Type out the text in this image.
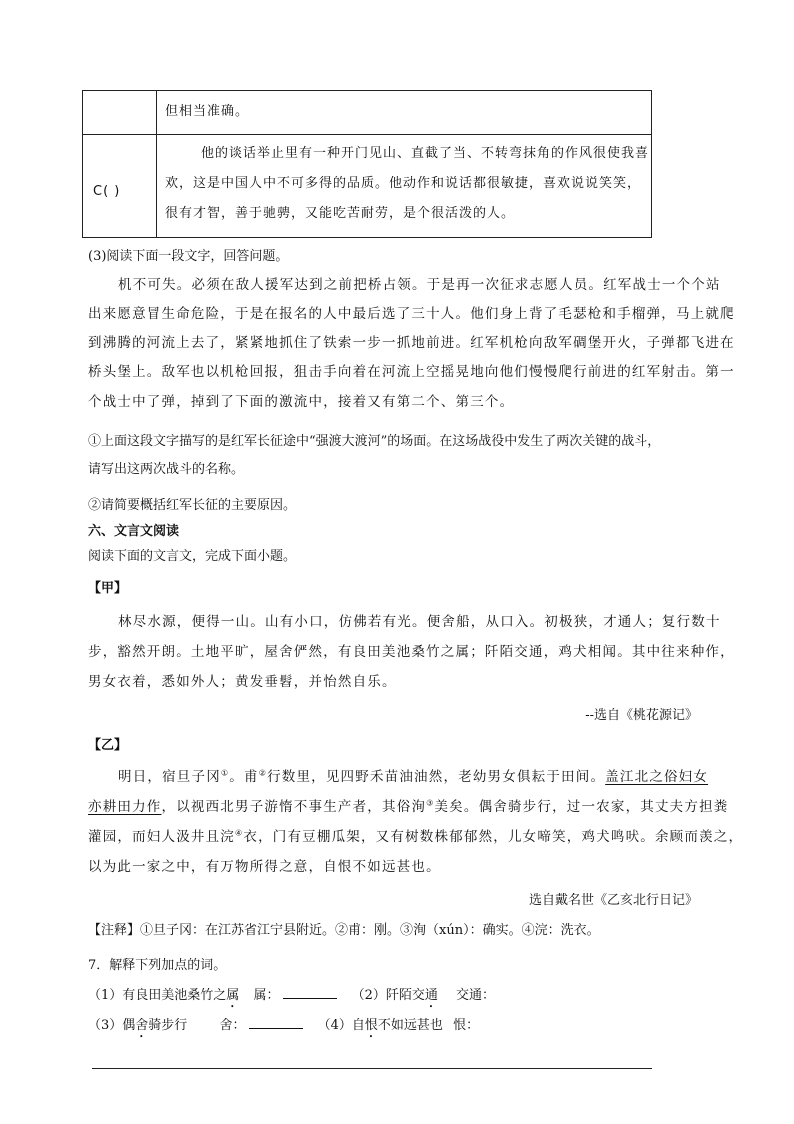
但相当准确。
C( )
他的谈话举止里有一种开门见山、直截了当、不转弯抹角的作风很使我喜
欢，这是中国人中不可多得的品质。他动作和说话都很敏捷，喜欢说说笑笑，
很有才智，善于驰骋，又能吃苦耐劳，是个很活泼的人。
(3)阅读下面一段文字，回答问题。
机不可失。必须在敌人援军达到之前把桥占领。于是再一次征求志愿人员。红军战士一个个站
出来愿意冒生命危险，于是在报名的人中最后选了三十人。他们身上背了毛瑟枪和手榴弹，马上就爬
到沸腾的河流上去了，紧紧地抓住了铁索一步一抓地前进。红军机枪向敌军碉堡开火，子弹都飞进在
桥头堡上。敌军也以机枪回报，狙击手向着在河流上空摇晃地向他们慢慢爬行前进的红军射击。第一
个战士中了弹，掉到了下面的激流中，接着又有第二个、第三个。
①上面这段文字描写的是红军长征途中“强渡大渡河”的场面。在这场战役中发生了两次关键的战斗，
请写出这两次战斗的名称。
②请简要概括红军长征的主要原因。
六、文言文阅读
阅读下面的文言文，完成下面小题。
【甲】
林尽水源，便得一山。山有小口，仿佛若有光。便舍船，从口入。初极狭，才通人；复行数十
步，豁然开朗。土地平旷，屋舍俨然，有良田美池桑竹之属；阡陌交通，鸡犬相闻。其中往来种作，
男女衣着，悉如外人；黄发垂髫，并怡然自乐。
--选自《桃花源记》
【乙】
明日，宿旦子冈①。甫②行数里，见四野禾苗油油然，老幼男女俱耘于田间。盖江北之俗妇女
亦耕田力作，以视西北男子游惰不事生产者，其俗洵③美矣。偶舍骑步行，过一农家，其丈夫方担粪
灌园，而妇人汲井且浣④衣，门有豆棚瓜架，又有树数株郁郁然，儿女啼笑，鸡犬鸣吠。余顾而羡之，
以为此一家之中，有万物所得之意，自恨不如远甚也。
选自戴名世《乙亥北行日记》
【注释】①旦子冈：在江苏省江宁县附近。②甫：刚。③洵（xún）：确实。④浣：洗衣。
7．解释下列加点的词。
（1）有良田美池桑竹之属 属：	（2）阡陌交通 交通：
（3）偶舍骑步行 舍：	（4）自恨不如远甚也 恨：
